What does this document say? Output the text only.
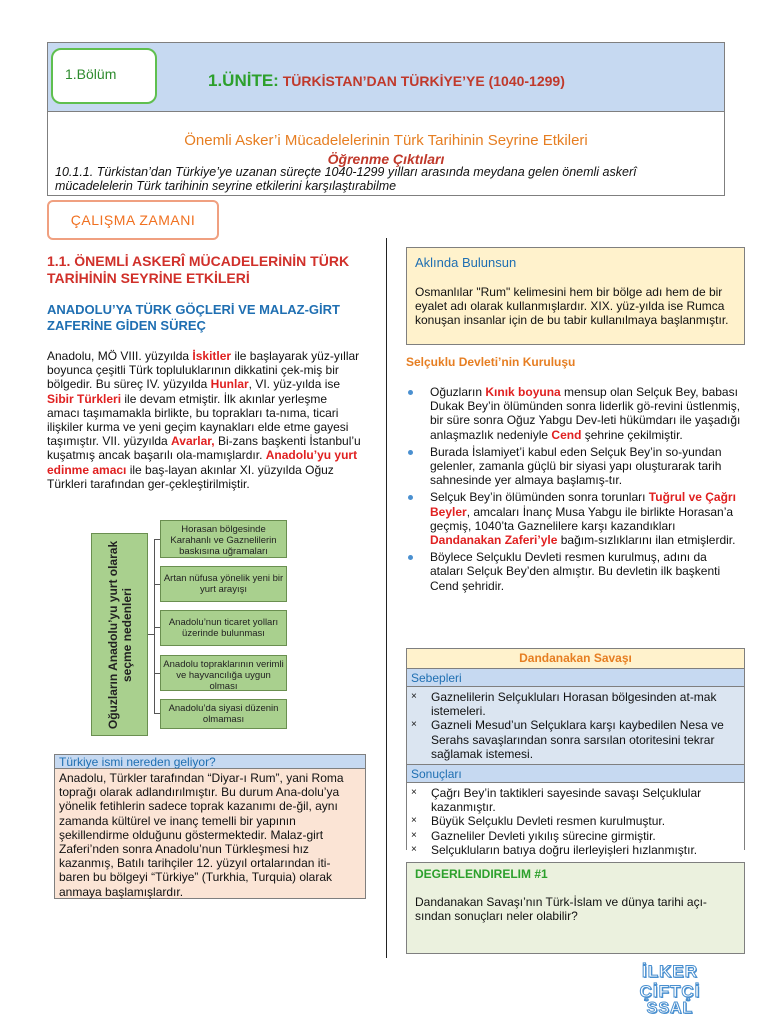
1.Bölüm	1.ÜNİTE: TÜRKİSTAN’DAN TÜRKİYE’YE (1040-1299)
Önemli Asker’i Mücadelelerinin Türk Tarihinin Seyrine Etkileri
Öğrenme Çıktıları
10.1.1. Türkistan’dan Türkiye’ye uzanan süreçte 1040-1299 yılları arasında meydana gelen önemli askerî mücadelelerin Türk tarihinin seyrine etkilerini karşılaştırabilme
ÇALIŞMA ZAMANI
1.1. ÖNEMLİ ASKERÎ MÜCADELERİNİN TÜRK TARİHİNİN SEYRİNE ETKİLERİ
ANADOLU’YA TÜRK GÖÇLERİ VE MALAZ-GİRT ZAFERİNE GİDEN SÜREÇ
Anadolu, MÖ VIII. yüzyılda İskitler ile başlayarak yüz-yıllar boyunca çeşitli Türk topluluklarının dikkatini çek-miş bir bölgedir. Bu süreç IV. yüzyılda Hunlar, VI. yüz-yılda ise Sibir Türkleri ile devam etmiştir. İlk akınlar yerleşme amacı taşımamakla birlikte, bu toprakları ta-nıma, ticari ilişkiler kurma ve yeni geçim kaynakları elde etme gayesi taşımıştır. VII. yüzyılda Avarlar, Bi-zans başkenti İstanbul’u kuşatmış ancak başarılı ola-mamışlardır. Anadolu’yu yurt edinme amacı ile baş-layan akınlar XI. yüzyılda Oğuz Türkleri tarafından ger-çekleştirilmiştir.
Oğuzların Anadolu’yu yurt olarak seçme nedenleri
Horasan bölgesinde Karahanlı ve Gaznelilerin baskısına uğramaları
Artan nüfusa yönelik yeni bir yurt arayışı
Anadolu’nun ticaret yolları üzerinde bulunması
Anadolu topraklarının verimli ve hayvancılığa uygun olması
Anadolu’da siyasi düzenin olmaması
Türkiye ismi nereden geliyor?
Anadolu, Türkler tarafından “Diyar-ı Rum”, yani Roma toprağı olarak adlandırılmıştır. Bu durum Ana-dolu’ya yönelik fetihlerin sadece toprak kazanımı de-ğil, aynı zamanda kültürel ve inanç temelli bir yapının şekillendirme olduğunu göstermektedir. Malaz-girt Zaferi’nden sonra Anadolu’nun Türkleşmesi hız kazanmış, Batılı tarihçiler 12. yüzyıl ortalarından iti-baren bu bölgeyi “Türkiye” (Turkhia, Turquia) olarak anmaya başlamışlardır.
Aklında Bulunsun
Osmanlılar "Rum" kelimesini hem bir bölge adı hem de bir eyalet adı olarak kullanmışlardır. XIX. yüz-yılda ise Rumca konuşan insanlar için de bu tabir kullanılmaya başlanmıştır.
Selçuklu Devleti’nin Kuruluşu
Oğuzların Kınık boyuna mensup olan Selçuk Bey, babası Dukak Bey’in ölümünden sonra liderlik gö-revini üstlenmiş, bir süre sonra Oğuz Yabgu Dev-leti hükümdarı ile yaşadığı anlaşmazlık nedeniyle Cend şehrine çekilmiştir.
Burada İslamiyet’i kabul eden Selçuk Bey’in so-yundan gelenler, zamanla güçlü bir siyasi yapı oluşturarak tarih sahnesinde yer almaya başlamış-tır.
Selçuk Bey’in ölümünden sonra torunları Tuğrul ve Çağrı Beyler, amcaları İnanç Musa Yabgu ile birlikte Horasan’a geçmiş, 1040’ta Gaznelilere karşı kazandıkları Dandanakan Zaferi’yle bağım-sızlıklarını ilan etmişlerdir.
Böylece Selçuklu Devleti resmen kurulmuş, adını da ataları Selçuk Bey’den almıştır. Bu devletin ilk başkenti Cend şehridir.
Dandanakan Savaşı
Sebepleri
× Gaznelilerin Selçukluları Horasan bölgesinden at-mak istemeleri.
× Gazneli Mesud’un Selçuklara karşı kaybedilen Nesa ve Serahs savaşlarından sonra sarsılan otoritesini tekrar sağlamak istemesi.
Sonuçları
× Çağrı Bey’in taktikleri sayesinde savaşı Selçuklular kazanmıştır.
× Büyük Selçuklu Devleti resmen kurulmuştur.
× Gazneliler Devleti yıkılış sürecine girmiştir.
× Selçukluların batıya doğru ilerleyişleri hızlanmıştır.
DEGERLENDIRELIM #1
Dandanakan Savaşı’nın Türk-İslam ve dünya tarihi açı-sından sonuçları neler olabilir?
İLKER ÇİFTÇİ
SSAL
